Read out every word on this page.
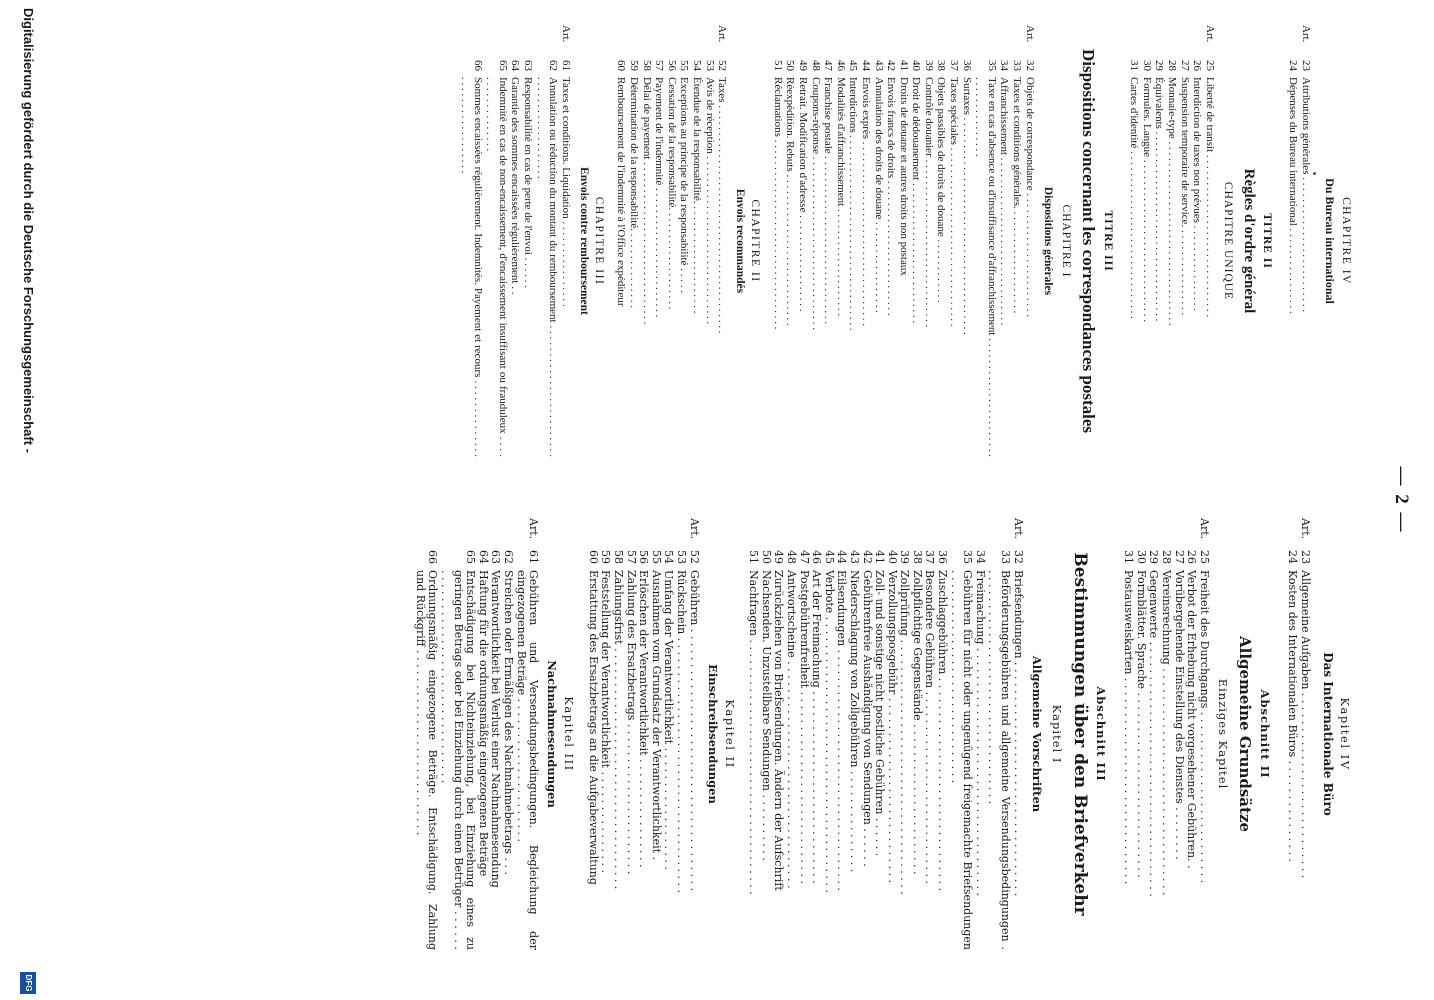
— 2 —

CHAPITRE IV

Du Bureau international

Art.
23
Attributions générales . . . . . . . . . . . . . . . . . . . . . . . . .
24
Dépenses du Bureau international . . . . . . . . . . . . . . . .

TITRE II

Règles d'ordre général

CHAPITRE UNIQUE

Art.
25
Liberté de transit . . . . . . . . . . . . . . . . . . . . . . . . . . . . . .
26
Interdiction de taxes non prévues . . . . . . . . . . . . . . . .
27
Suspension temporaire de service. . . . . . . . . . . . . . . . .
28
Monnaie-type . . . . . . . . . . . . . . . . . . . . . . . . . . . . . . . . . .
29
Équivalents . . . . . . . . . . . . . . . . . . . . . . . . . . . . . . . . . . .
30
Formules. Langue . . . . . . . . . . . . . . . . . . . . . . . . . . . . . .
31
Cartes d'identité . . . . . . . . . . . . . . . . . . . . . . . . . . . . . . .

TITRE III

Dispositions concernant les correspondances postales

CHAPITRE I

Dispositions générales

Art.
32
Objets de correspondance . . . . . . . . . . . . . . . . . . . . . . .
33
Taxes et conditions générales. . . . . . . . . . . . . . . . . . . .
34
Affranchissement . . . . . . . . . . . . . . . . . . . . . . . . . . . . . . .
35
Taxe en cas d'absence ou d'insuffisance d'affranchissement . . . . . . . . . . . . . . . . . . . . . . . . . . . . . . . . . . . . .
36
Surtaxes . . . . . . . . . . . . . . . . . . . . . . . . . . . . . . . . . . . . . . . .
37
Taxes spéciales . . . . . . . . . . . . . . . . . . . . . . . . . . . . . . . . .
38
Objets passibles de droits de douane . . . . . . . . . . . .
39
Contrôle douanier . . . . . . . . . . . . . . . . . . . . . . . . . . . . . . .
40
Droit de dédouanement . . . . . . . . . . . . . . . . . . . . . . . . . .
41
Droits de douane et autres droits non postaux
42
Envois francs de droits . . . . . . . . . . . . . . . . . . . . . . . . .
43
Annulation des droits de douane . . . . . . . . . . . . . . . . .
44
Envois exprès . . . . . . . . . . . . . . . . . . . . . . . . . . . . . . . . . .
45
Interdictions . . . . . . . . . . . . . . . . . . . . . . . . . . . . . . . . . . . .
46
Modalités d'affranchissement . . . . . . . . . . . . . . . . . . . .
47
Franchise postale . . . . . . . . . . . . . . . . . . . . . . . . . . . . . . .
48
Coupons-réponse . . . . . . . . . . . . . . . . . . . . . . . . . . . . . . . .
49
Retrait. Modification d'adresse . . . . . . . . . . . . . . . . . .
50
Réexpédition. Rebuts . . . . . . . . . . . . . . . . . . . . . . . . . . . .
51
Réclamations . . . . . . . . . . . . . . . . . . . . . . . . . . . . . . . . . . .

CHAPITRE II

Envois recommandés

Art.
52
Taxes . . . . . . . . . . . . . . . . . . . . . . . . . . . . . . . . . . . . . . . . . .
53
Avis de réception . . . . . . . . . . . . . . . . . . . . . . . . . . . . . . .
54
Étendue de la responsabilité. . . . . . . . . . . . . . . . . . . . .
55
Exceptions au principe de la responsabilité . . . . .
56
Cessation de la responsabilité. . . . . . . . . . . . . . . . . . .
57
Payement de l'indemnité . . . . . . . . . . . . . . . . . . . . . . . .
58
Délai de payement . . . . . . . . . . . . . . . . . . . . . . . . . . . . . .
59
Détermination de la responsabilité. . . . . . . . . . . . . . .
60
Remboursement de l'indemnité à l'Office expéditeur

CHAPITRE III

Envois contre remboursement

Art.
61
Taxes et conditions. Liquidation . . . . . . . . . . . . . . . .
62
Annulation ou réduction du montant du remboursement . . . . . . . . . . . . . . . . . . . . . . . . . . . . . . . . . . . . . . . . . . .
63
Responsabilité en cas de perte de l'envoi . . . . . .
64
Garantie des sommes encaissées régulièrement . .
65
Indemnité en cas de non-encaissement, d'encaissement insuffisant ou frauduleux . . . . . . . . . . . . . . . . . .
66
Sommes encaissées régulièrement. Indemnités. Payement et recours . . . . . . . . . . . . . . . . . . . . . . . . . . . . . . . .

Kapitel IV

Das Internationale Büro

Art.
23
Allgemeine Aufgaben . . . . . . . . . . . . . . . . . . . . . . . . . . .
24
Kosten des Internationalen Büros . . . . . . . . . . . . . . .

Abschnitt II

Allgemeine Grundsätze

Einziges Kapitel

Art.
25
Freiheit des Durchgangs . . . . . . . . . . . . . . . . . . . . . . . . .
26
Verbot der Erhebung nicht vorgesehener Gebühren. .
27
Vorübergehende Einstellung des Dienstes . . . . . . . .
28
Vereinsrechnung . . . . . . . . . . . . . . . . . . . . . . . . . . . . . . . . .
29
Gegenwerte . . . . . . . . . . . . . . . . . . . . . . . . . . . . . . . . . . . . .
30
Formblätter. Sprache . . . . . . . . . . . . . . . . . . . . . . . . . . .
31
Postausweiskarten . . . . . . . . . . . . . . . . . . . . . . . . . . . . . .

Abschnitt III

Bestimmungen über den Briefverkehr

Kapitel I

Allgemeine Vorschriften

Art.
32
Briefsendungen . . . . . . . . . . . . . . . . . . . . . . . . . . . . . . . . . .
33
Beförderungsgebühren und allgemeine Versendungsbedingungen . . . . . . . . . . . . . . . . . . . . . . . . . . . . . . . . . . .
34
Freimachung . . . . . . . . . . . . . . . . . . . . . . . . . . . . . . . . . . . .
35
Gebühren für nicht oder ungenügend freigemachte Briefsendungen . . . . . . . . . . . . . . . . . . . . . . . . . . . . . . .
36
Zuschlaggebühren . . . . . . . . . . . . . . . . . . . . . . . . . . . . . . .
37
Besondere Gebühren . . . . . . . . . . . . . . . . . . . . . . . . . . . .
38
Zollpflichtige Gegenstände . . . . . . . . . . . . . . . . . . . . . .
39
Zollprüfung . . . . . . . . . . . . . . . . . . . . . . . . . . . . . . . . . . . . .
40
Verzollungsposgebühr . . . . . . . . . . . . . . . . . . . . . . . . . . .
41
Zoll- und sonstige nicht postliche Gebühren . . . . . .
42
Gebührenfreie Aushändigung von Sendungen . . . . . .
43
Niederschlagung von Zollgebühren . . . . . . . . . . . . . . .
44
Eilsendungen . . . . . . . . . . . . . . . . . . . . . . . . . . . . . . . . . . .
45
Verbote . . . . . . . . . . . . . . . . . . . . . . . . . . . . . . . . . . . . . . . .
46
Art der Freimachung . . . . . . . . . . . . . . . . . . . . . . . . . . . .
47
Postgebührenfreiheit . . . . . . . . . . . . . . . . . . . . . . . . . . . .
48
Antwortscheine . . . . . . . . . . . . . . . . . . . . . . . . . . . . . . . . .
49
Zurückziehen von Briefsendungen. Ändern der Aufschrift
50
Nachsenden. Unzustellbare Sendungen . . . . . . . . . .
51
Nachfragen . . . . . . . . . . . . . . . . . . . . . . . . . . . . . . . . . . . . .

Kapitel II

Einschreibsendungen

Art.
52
Gebühren . . . . . . . . . . . . . . . . . . . . . . . . . . . . . . . . . . . . . .
53
Rückschein . . . . . . . . . . . . . . . . . . . . . . . . . . . . . . . . . . . . .
54
Umfang der Verantwortlichkeit . . . . . . . . . . . . . . . . . .
55
Ausnahmen vom Grundsatz der Verantwortlichkeit .
56
Erlöschen der Verantwortlichkeit . . . . . . . . . . . . . . . .
57
Zahlung des Ersatzbetrags . . . . . . . . . . . . . . . . . . . . . .
58
Zahlungsfrist . . . . . . . . . . . . . . . . . . . . . . . . . . . . . . . . . . .
59
Feststellung der Verantwortlichkeit . . . . . . . . . . . . . . .
60
Erstattung des Ersatzbetrags an die Aufgabeverwaltung

Kapitel III

Nachnahmesendungen

Art.
61
Gebühren und Versendungsbedingungen. Begleichung der eingezogenen Beträge . . . . . . . . . . . . . . . . . . . . .
62
Streichen oder Ermäßigen des Nachnahmebetrags . . .
63
Verantwortlichkeit bei Verlust einer Nachnahmesendung
64
Haftung für die ordnungsmäßig eingezogenen Beträge
65
Entschädigung bei Nichteinziehung, bei Einziehung eines zu geringen Betrags oder bei Einziehung durch einen Betrüger . . . . . . . . . . . . . . . . . . . . . . . . . . . . . . . . . . . . .
66
Ordnungsmäßig eingezogene Beträge. Entschädigung. Zahlung und Rückgriff . . . . . . . . . . . . . . . . . . . . . . . . . . .
Digitalisierung gefördert durch die Deutsche Forschungsgemeinschaft -
DFG
